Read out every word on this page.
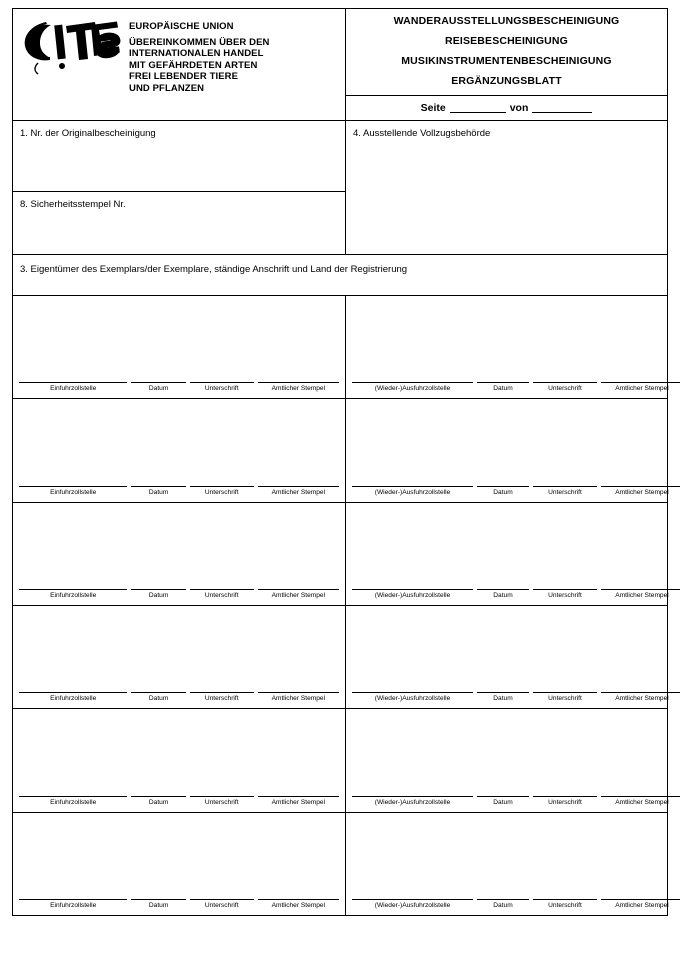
EUROPÄISCHE UNION
ÜBEREINKOMMEN ÜBER DEN
INTERNATIONALEN HANDEL
MIT GEFÄHRDETEN ARTEN
FREI LEBENDER TIERE
UND PFLANZEN
WANDERAUSSTELLUNGSBESCHEINIGUNG
REISEBESCHEINIGUNG
MUSIKINSTRUMENTENBESCHEINIGUNG
ERGÄNZUNGSBLATT
Seite	von
1. Nr. der Originalbescheinigung
8. Sicherheitsstempel Nr.
4. Ausstellende Vollzugsbehörde
3. Eigentümer des Exemplars/der Exemplare, ständige Anschrift und Land der Registrierung
Einfuhrzollstelle	Datum	Unterschrift	Amtlicher Stempel	(Wieder-)Ausfuhrzollstelle	Datum	Unterschrift	Amtlicher Stempel
Einfuhrzollstelle	Datum	Unterschrift	Amtlicher Stempel	(Wieder-)Ausfuhrzollstelle	Datum	Unterschrift	Amtlicher Stempel
Einfuhrzollstelle	Datum	Unterschrift	Amtlicher Stempel	(Wieder-)Ausfuhrzollstelle	Datum	Unterschrift	Amtlicher Stempel
Einfuhrzollstelle	Datum	Unterschrift	Amtlicher Stempel	(Wieder-)Ausfuhrzollstelle	Datum	Unterschrift	Amtlicher Stempel
Einfuhrzollstelle	Datum	Unterschrift	Amtlicher Stempel	(Wieder-)Ausfuhrzollstelle	Datum	Unterschrift	Amtlicher Stempel
Einfuhrzollstelle	Datum	Unterschrift	Amtlicher Stempel	(Wieder-)Ausfuhrzollstelle	Datum	Unterschrift	Amtlicher Stempel
